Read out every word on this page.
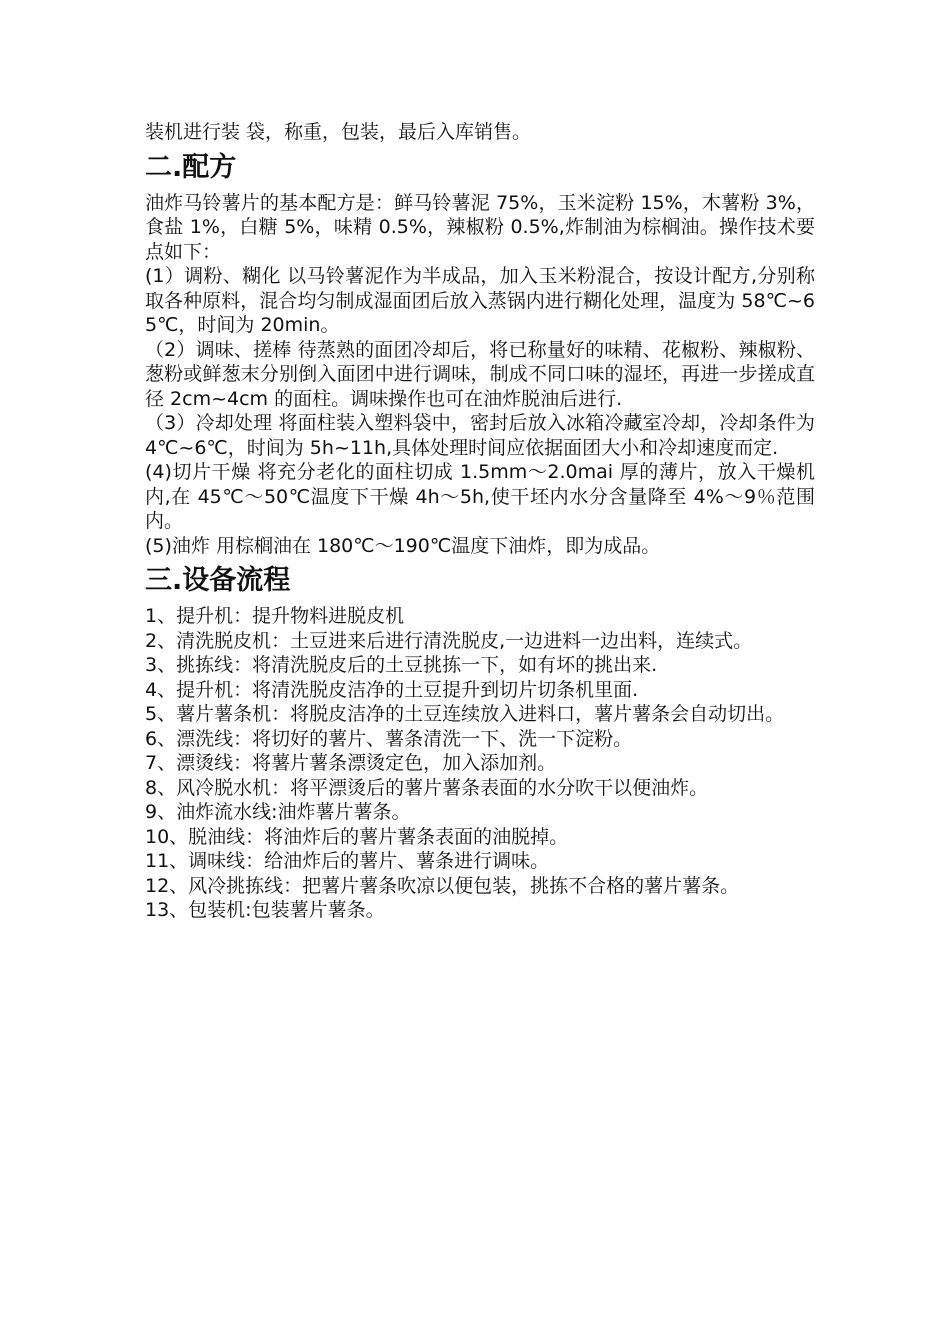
装机进行装 袋，称重，包装，最后入库销售。

二.配方

油炸马铃薯片的基本配方是：鲜马铃薯泥 75%，玉米淀粉 15%，木薯粉 3%，食盐 1%，白糖 5%，味精 0.5%，辣椒粉 0.5%,炸制油为棕榈油。操作技术要点如下：

(1）调粉、糊化 以马铃薯泥作为半成品，加入玉米粉混合，按设计配方,分别称取各种原料，混合均匀制成湿面团后放入蒸锅内进行糊化处理，温度为 58℃~65℃，时间为 20min。

（2）调味、搓棒 待蒸熟的面团冷却后，将已称量好的味精、花椒粉、辣椒粉、葱粉或鲜葱末分别倒入面团中进行调味，制成不同口味的湿坯，再进一步搓成直径 2cm~4cm 的面柱。调味操作也可在油炸脱油后进行.

（3）冷却处理 将面柱装入塑料袋中，密封后放入冰箱冷藏室冷却，冷却条件为 4℃~6℃，时间为 5h~11h,具体处理时间应依据面团大小和冷却速度而定.

(4)切片干燥 将充分老化的面柱切成 1.5mm～2.0mai 厚的薄片，放入干燥机内,在 45℃～50℃温度下干燥 4h～5h,使干坯内水分含量降至 4%～9％范围内。

(5)油炸 用棕榈油在 180℃～190℃温度下油炸，即为成品。

三.设备流程

1、提升机：提升物料进脱皮机

2、清洗脱皮机：土豆进来后进行清洗脱皮,一边进料一边出料，连续式。

3、挑拣线：将清洗脱皮后的土豆挑拣一下，如有坏的挑出来.

4、提升机：将清洗脱皮洁净的土豆提升到切片切条机里面.

5、薯片薯条机：将脱皮洁净的土豆连续放入进料口，薯片薯条会自动切出。

6、漂洗线：将切好的薯片、薯条清洗一下、洗一下淀粉。

7、漂烫线：将薯片薯条漂烫定色，加入添加剂。

8、风冷脱水机：将平漂烫后的薯片薯条表面的水分吹干以便油炸。

9、油炸流水线:油炸薯片薯条。

10、脱油线：将油炸后的薯片薯条表面的油脱掉。

11、调味线：给油炸后的薯片、薯条进行调味。

12、风冷挑拣线：把薯片薯条吹凉以便包装，挑拣不合格的薯片薯条。

13、包装机:包装薯片薯条。
